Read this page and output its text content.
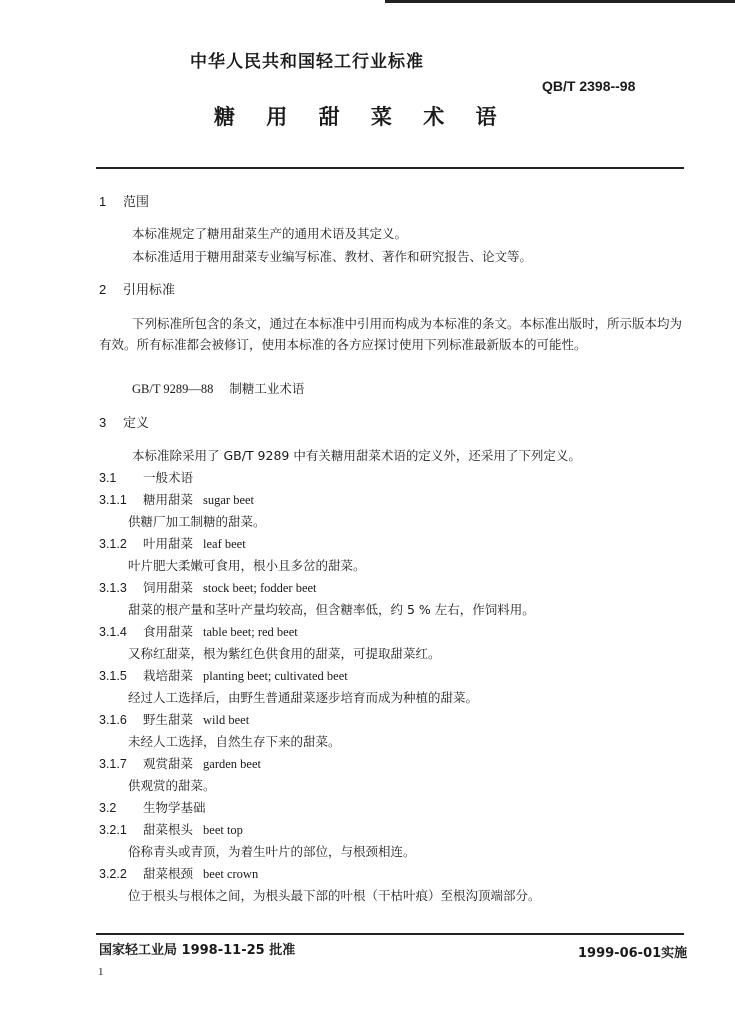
中华人民共和国轻工行业标准
QB/T 2398--98
糖 用 甜 菜 术 语
1 范围
本标准规定了糖用甜菜生产的通用术语及其定义。
本标准适用于糖用甜菜专业编写标准、教材、著作和研究报告、论文等。
2 引用标准
下列标准所包含的条文，通过在本标准中引用而构成为本标准的条文。本标准出版时，所示版本均为有效。所有标准都会被修订，使用本标准的各方应探讨使用下列标准最新版本的可能性。
GB/T 9289—88 制糖工业术语
3 定义
本标准除采用了 GB/T 9289 中有关糖用甜菜术语的定义外，还采用了下列定义。
3.1 一般术语
3.1.1 糖用甜菜 sugar beet
供糖厂加工制糖的甜菜。
3.1.2 叶用甜菜 leaf beet
叶片肥大柔嫩可食用，根小且多岔的甜菜。
3.1.3 饲用甜菜 stock beet; fodder beet
甜菜的根产量和茎叶产量均较高，但含糖率低，约 5 % 左右，作饲料用。
3.1.4 食用甜菜 table beet; red beet
又称红甜菜，根为紫红色供食用的甜菜，可提取甜菜红。
3.1.5 栽培甜菜 planting beet; cultivated beet
经过人工选择后，由野生普通甜菜逐步培育而成为种植的甜菜。
3.1.6 野生甜菜 wild beet
未经人工选择，自然生存下来的甜菜。
3.1.7 观赏甜菜 garden beet
供观赏的甜菜。
3.2 生物学基础
3.2.1 甜菜根头 beet top
俗称青头或青顶，为着生叶片的部位，与根颈相连。
3.2.2 甜菜根颈 beet crown
位于根头与根体之间，为根头最下部的叶根（干枯叶痕）至根沟顶端部分。
国家轻工业局 1998-11-25 批准	1999-06-01实施
1
